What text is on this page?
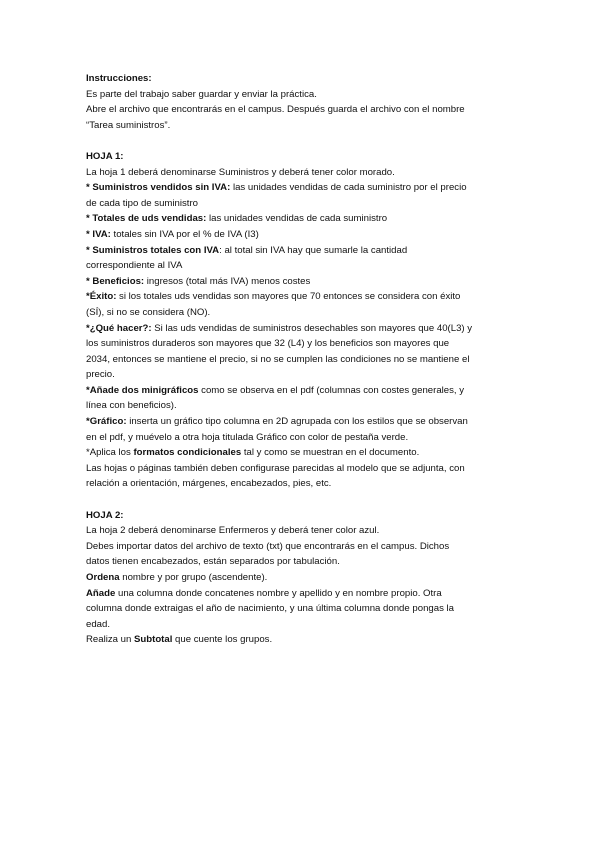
Instrucciones:
Es parte del trabajo saber guardar y enviar la práctica.
Abre el archivo que encontrarás en el campus. Después guarda el archivo con el nombre
“Tarea suministros”.
HOJA 1:
La hoja 1 deberá denominarse Suministros y deberá tener color morado.
* Suministros vendidos sin IVA: las unidades vendidas de cada suministro por el precio
de cada tipo de suministro
* Totales de uds vendidas: las unidades vendidas de cada suministro
* IVA: totales sin IVA por el % de IVA (I3)
* Suministros totales con IVA: al total sin IVA hay que sumarle la cantidad
correspondiente al IVA
* Beneficios: ingresos (total más IVA) menos costes
*Éxito: si los totales uds vendidas son mayores que 70 entonces se considera con éxito
(SÍ), si no se considera (NO).
*¿Qué hacer?: Si las uds vendidas de suministros desechables son mayores que 40(L3) y
los suministros duraderos son mayores que 32 (L4) y los beneficios son mayores que
2034, entonces se mantiene el precio, si no se cumplen las condiciones no se mantiene el
precio.
*Añade dos minigráficos como se observa en el pdf (columnas con costes generales, y
línea con beneficios).
*Gráfico: inserta un gráfico tipo columna en 2D agrupada con los estilos que se observan
en el pdf, y muévelo a otra hoja titulada Gráfico con color de pestaña verde.
*Aplica los formatos condicionales tal y como se muestran en el documento.
Las hojas o páginas también deben configurase parecidas al modelo que se adjunta, con
relación a orientación, márgenes, encabezados, pies, etc.
HOJA 2:
La hoja 2 deberá denominarse Enfermeros y deberá tener color azul.
Debes importar datos del archivo de texto (txt) que encontrarás en el campus. Dichos
datos tienen encabezados, están separados por tabulación.
Ordena nombre y por grupo (ascendente).
Añade una columna donde concatenes nombre y apellido y en nombre propio. Otra
columna donde extraigas el año de nacimiento, y una última columna donde pongas la
edad.
Realiza un Subtotal que cuente los grupos.
